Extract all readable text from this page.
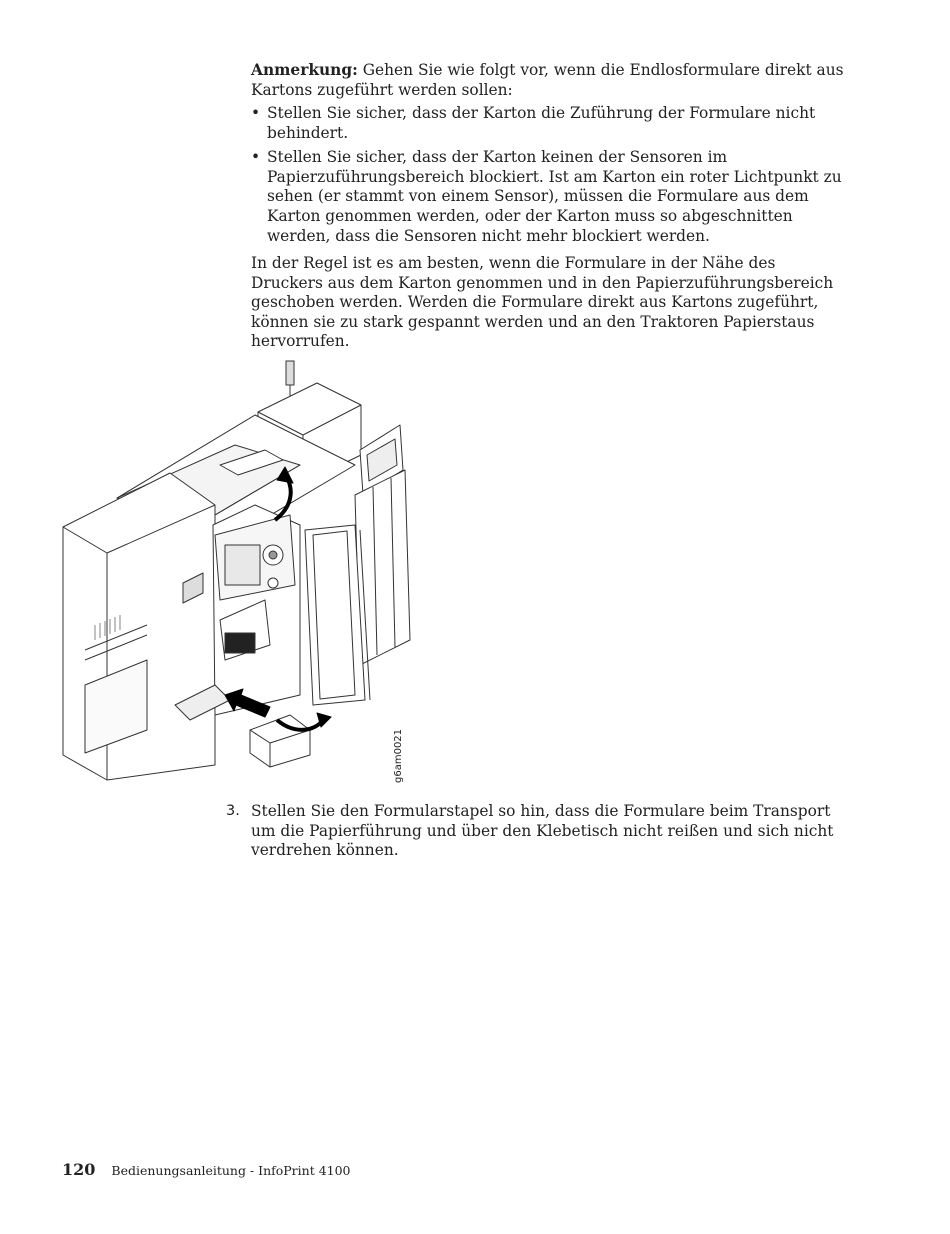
Anmerkung: Gehen Sie wie folgt vor, wenn die Endlosformulare direkt aus Kartons zugeführt werden sollen:
• Stellen Sie sicher, dass der Karton die Zuführung der Formulare nicht behindert.
• Stellen Sie sicher, dass der Karton keinen der Sensoren im Papierzuführungsbereich blockiert. Ist am Karton ein roter Lichtpunkt zu sehen (er stammt von einem Sensor), müssen die Formulare aus dem Karton genommen werden, oder der Karton muss so abgeschnitten werden, dass die Sensoren nicht mehr blockiert werden.
In der Regel ist es am besten, wenn die Formulare in der Nähe des Druckers aus dem Karton genommen und in den Papierzuführungsbereich geschoben werden. Werden die Formulare direkt aus Kartons zugeführt, können sie zu stark gespannt werden und an den Traktoren Papierstaus hervorrufen.
g6am0021
3. Stellen Sie den Formularstapel so hin, dass die Formulare beim Transport um die Papierführung und über den Klebetisch nicht reißen und sich nicht verdrehen können.
120 Bedienungsanleitung - InfoPrint 4100
